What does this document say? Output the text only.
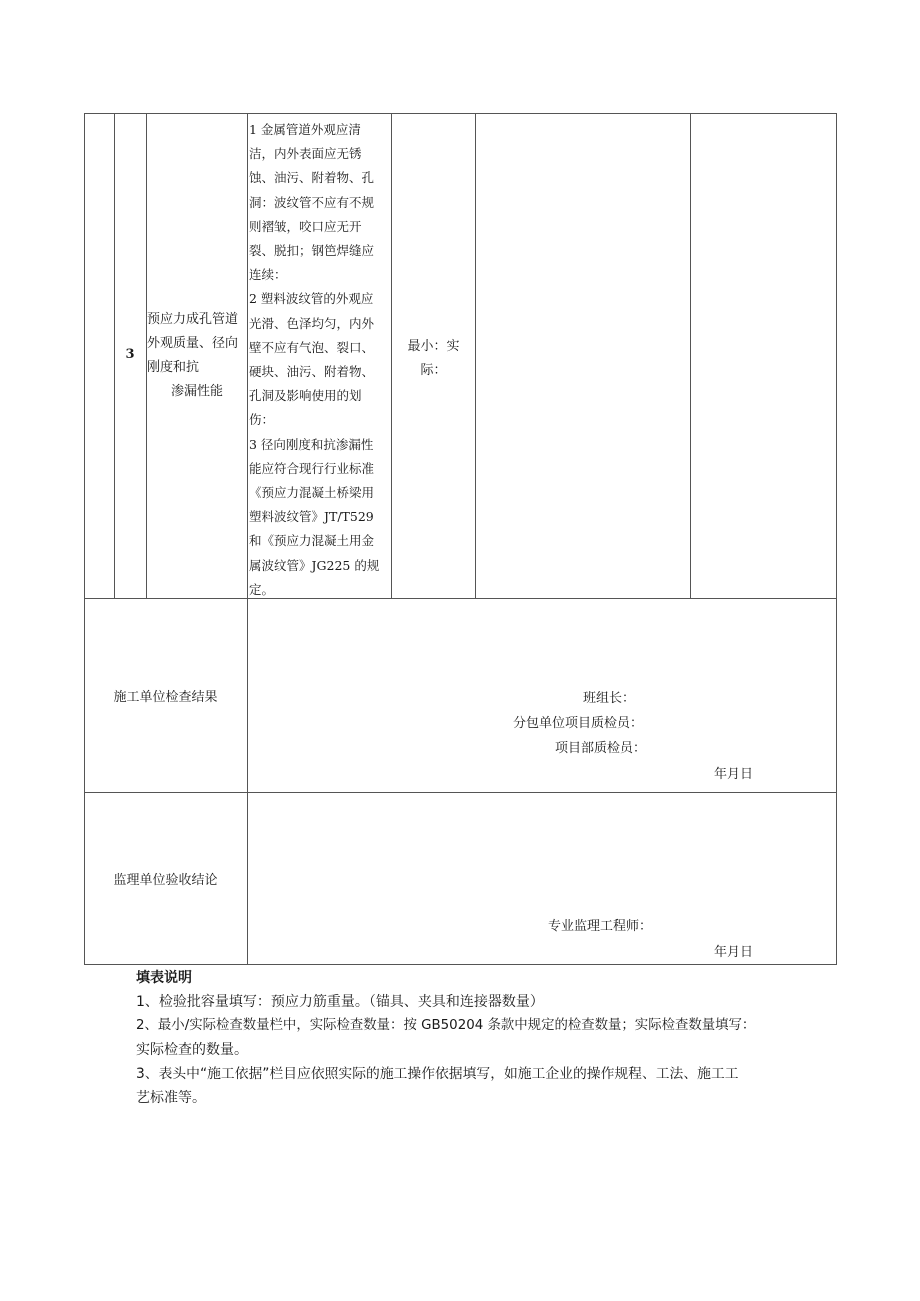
3
预应力成孔管道
外观质量、径向
刚度和抗
渗漏性能
1 金属管道外观应清
洁，内外表面应无锈
蚀、油污、附着物、孔
洞：波纹管不应有不规
则褶皱，咬口应无开
裂、脱扣；钢笆焊缝应
连续：
2 塑料波纹管的外观应
光滑、色泽均匀，内外
壁不应有气泡、裂口、
硬块、油污、附着物、
孔洞及影响使用的划
伤：
3 径向刚度和抗渗漏性
能应符合现行行业标准
《预应力混凝土桥梁用
塑料波纹管》JT/T529
和《预应力混凝土用金
属波纹管》JG225 的规
定。
最小：实
际：
施工单位检查结果	班组长：
分包单位项目质检员：
项目部质检员：
年月日
监理单位验收结论
专业监理工程师：
年月日
填表说明
1、检验批容量填写：预应力筋重量。（锚具、夹具和连接器数量）
2、最小/实际检查数量栏中，实际检查数量：按 GB50204 条款中规定的检查数量；实际检查数量填写：
实际检查的数量。
3、表头中“施工依据”栏目应依照实际的施工操作依据填写，如施工企业的操作规程、工法、施工工
艺标准等。
